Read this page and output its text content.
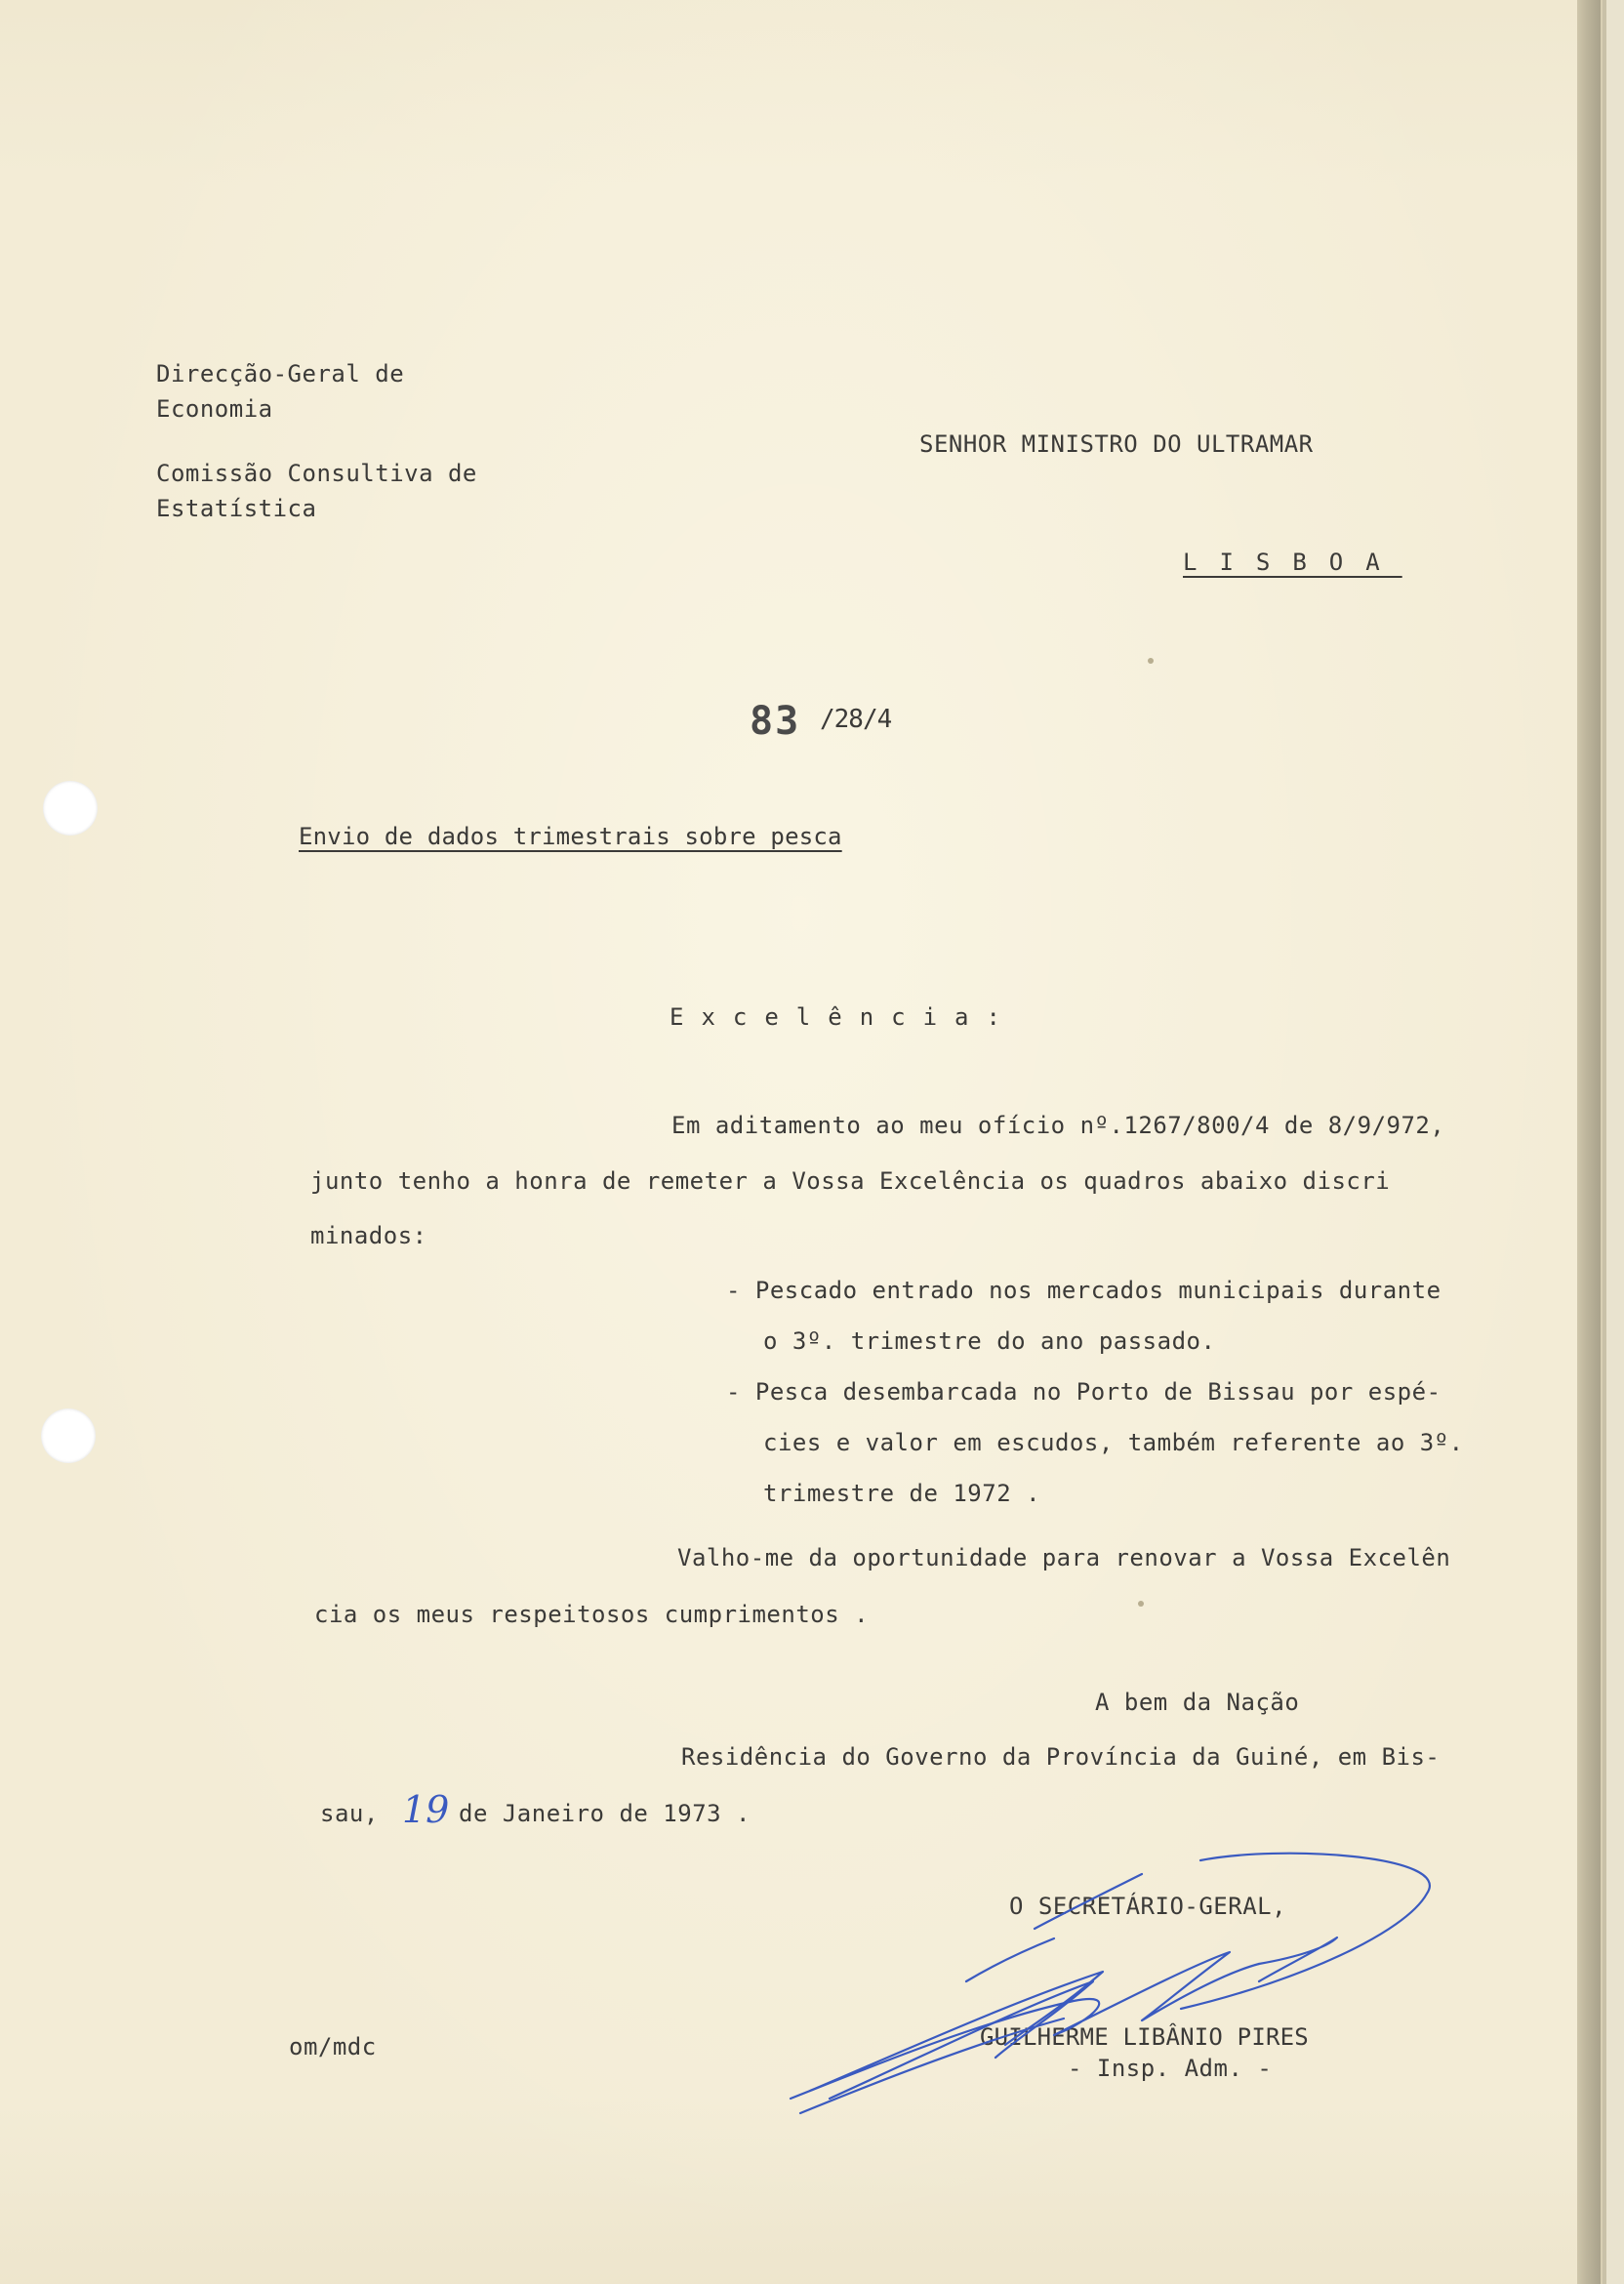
Direcção-Geral de
Economia
Comissão Consultiva de
Estatística
SENHOR MINISTRO DO ULTRAMAR
LISBOA
83 /28/4
Envio de dados trimestrais sobre pesca
Excelência:
Em aditamento ao meu ofício nº.1267/800/4 de 8/9/972,
junto tenho a honra de remeter a Vossa Excelência os quadros abaixo discri
minados:
- Pescado entrado nos mercados municipais durante
o 3º. trimestre do ano passado.
- Pesca desembarcada no Porto de Bissau por espé-
cies e valor em escudos, também referente ao 3º.
trimestre de 1972 .
Valho-me da oportunidade para renovar a Vossa Excelên
cia os meus respeitosos cumprimentos .
A bem da Nação
Residência do Governo da Província da Guiné, em Bis-
sau, 19 de Janeiro de 1973 .
O SECRETÁRIO-GERAL,
GUILHERME LIBÂNIO PIRES
- Insp. Adm. -
om/mdc
